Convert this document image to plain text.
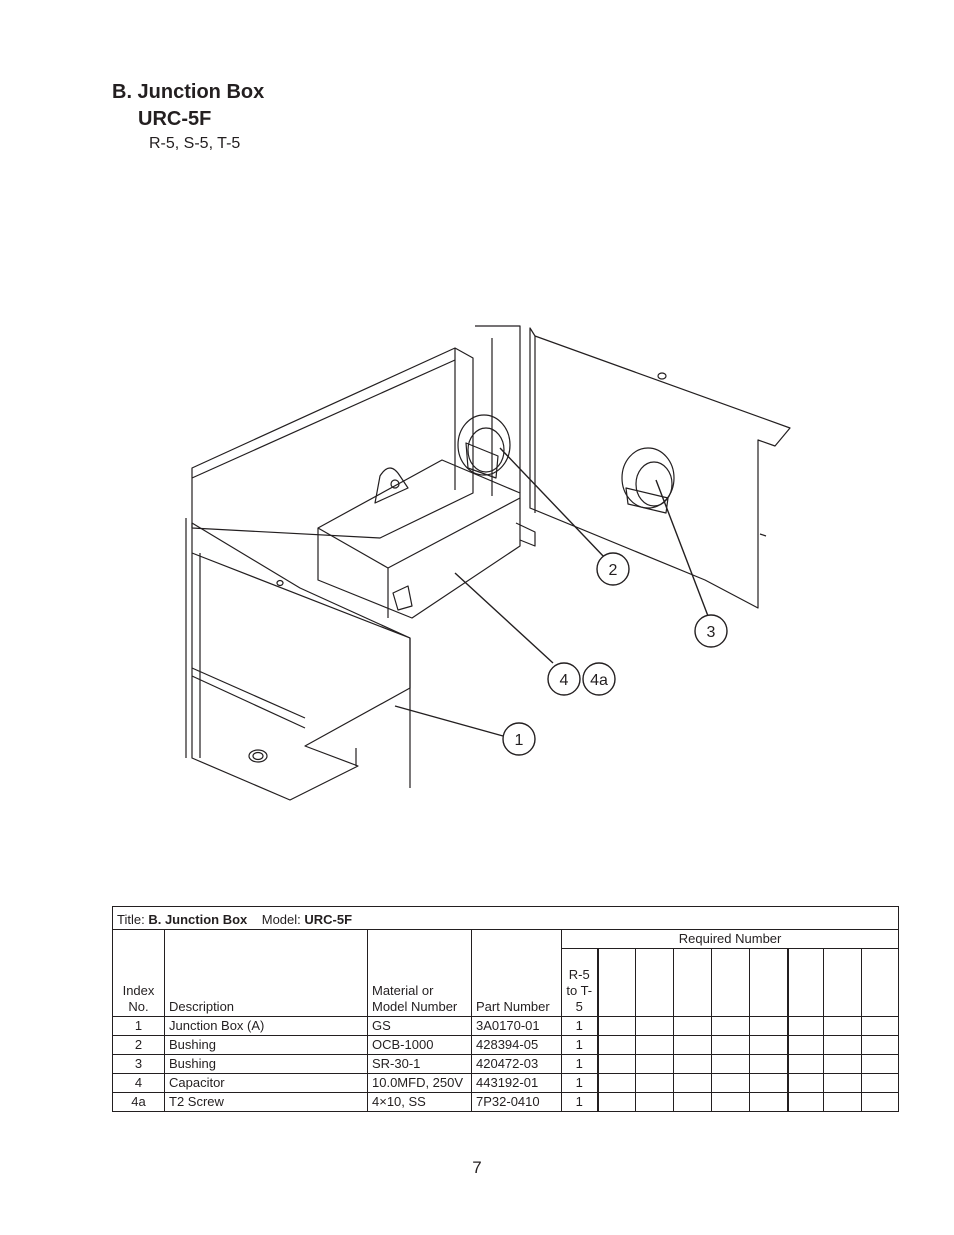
B. Junction Box

URC-5F

R-5, S-5, T-5

2
3
4 4a
1
Title: B. Junction Box Model: URC-5F												
Index No.	Description	Material or Model Number	Part Number	Required Number								
				R-5 to T-5								
1	Junction Box (A)	GS	3A0170-01	1								
2	Bushing	OCB-1000	428394-05	1								
3	Bushing	SR-30-1	420472-03	1								
4	Capacitor	10.0MFD, 250V	443192-01	1								
4a	T2 Screw	4×10, SS	7P32-0410	1								
7
